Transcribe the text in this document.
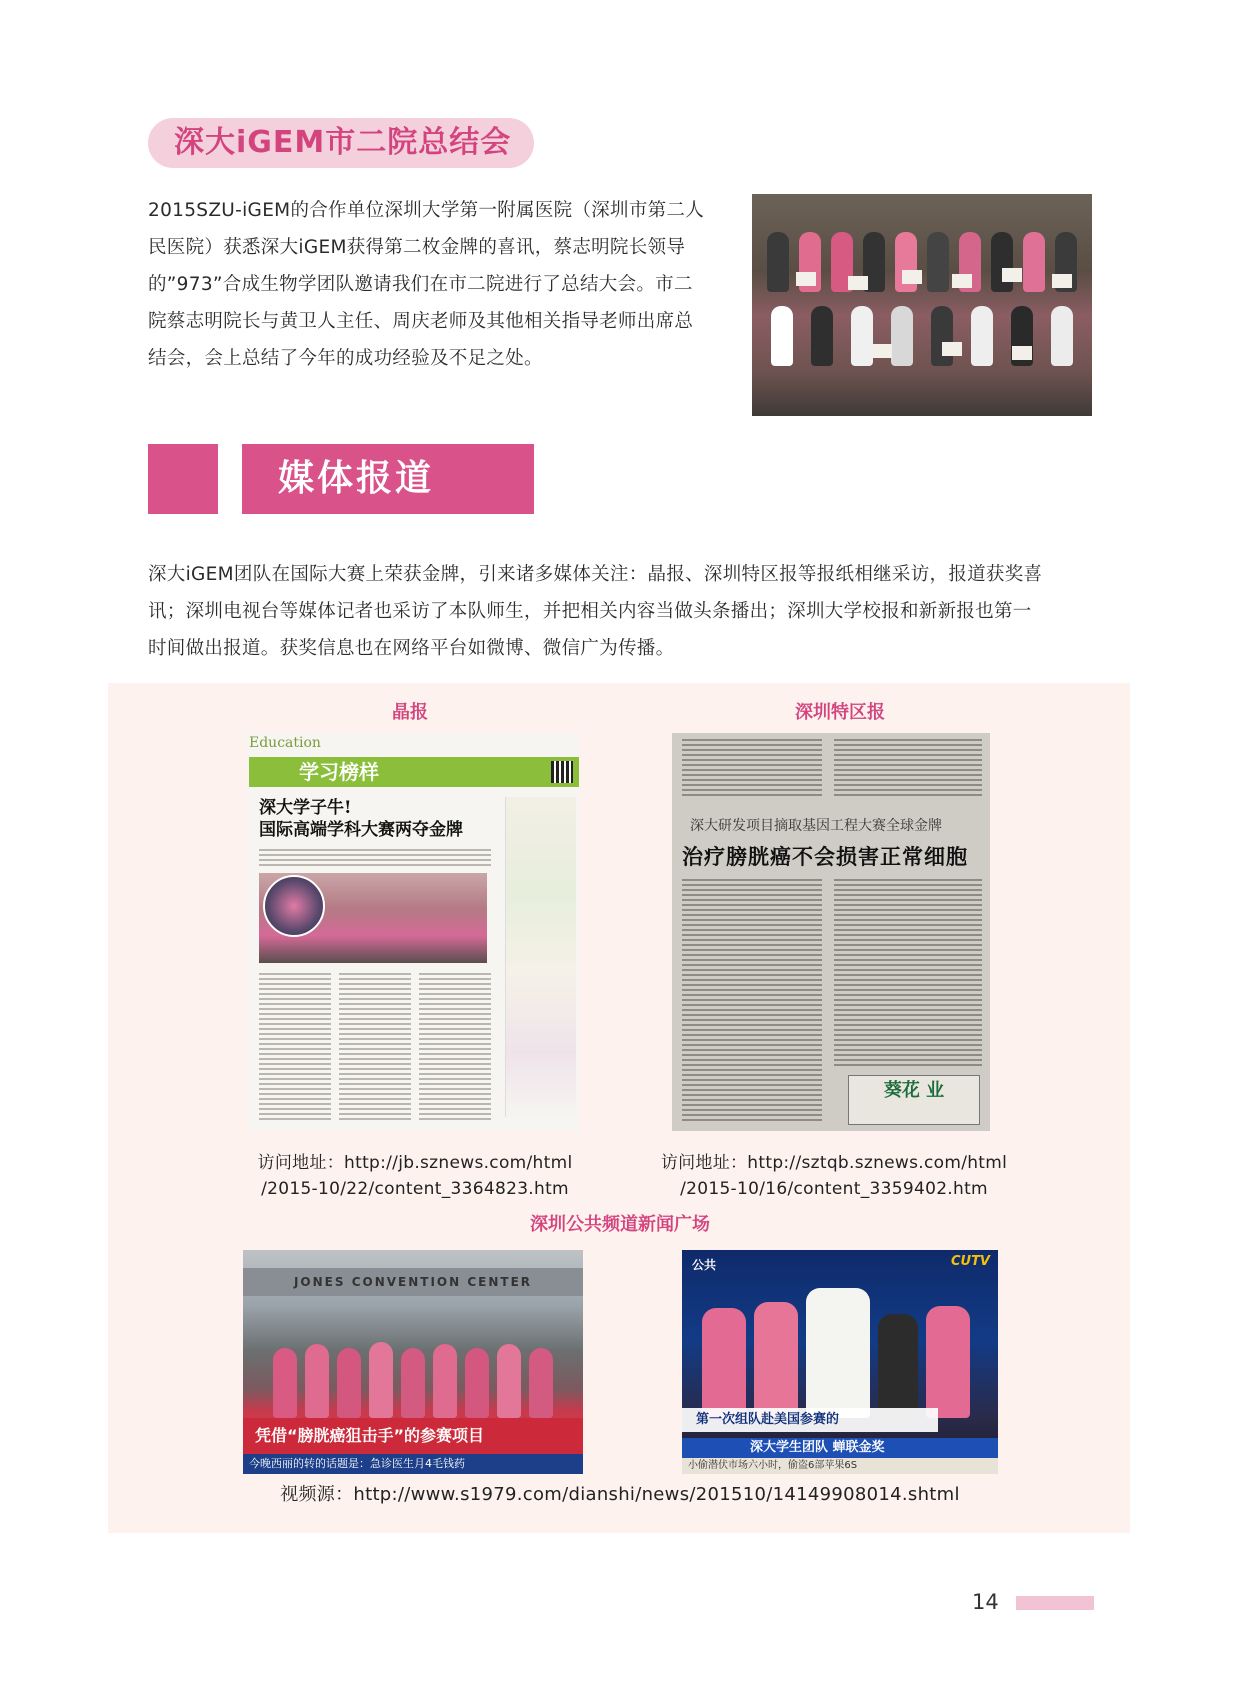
深大iGEM市二院总结会
2015SZU-iGEM的合作单位深圳大学第一附属医院（深圳市第二人
民医院）获悉深大iGEM获得第二枚金牌的喜讯，蔡志明院长领导
的”973”合成生物学团队邀请我们在市二院进行了总结大会。市二
院蔡志明院长与黄卫人主任、周庆老师及其他相关指导老师出席总
结会，会上总结了今年的成功经验及不足之处。
媒体报道
深大iGEM团队在国际大赛上荣获金牌，引来诸多媒体关注：晶报、深圳特区报等报纸相继采访，报道获奖喜
讯；深圳电视台等媒体记者也采访了本队师生，并把相关内容当做头条播出；深圳大学校报和新新报也第一
时间做出报道。获奖信息也在网络平台如微博、微信广为传播。
晶报	深圳特区报
Education
学习榜样
深大学子牛!
国际高端学科大赛两夺金牌	深大研发项目摘取基因工程大赛全球金牌
治疗膀胱癌不会损害正常细胞
葵花 业
访问地址：http://jb.sznews.com/html
/2015-10/22/content_3364823.htm
访问地址：http://sztqb.sznews.com/html
/2015-10/16/content_3359402.htm
深圳公共频道新闻广场
JONES CONVENTION CENTER
凭借“膀胱癌狙击手”的参赛项目
今晚西丽的转的话题是：急诊医生月4毛钱药
公共	CUTV
第一次组队赴美国参赛的
深大学生团队 蝉联金奖
小偷潜伏市场六小时，偷盗6部苹果6S
视频源：http://www.s1979.com/dianshi/news/201510/14149908014.shtml
14
